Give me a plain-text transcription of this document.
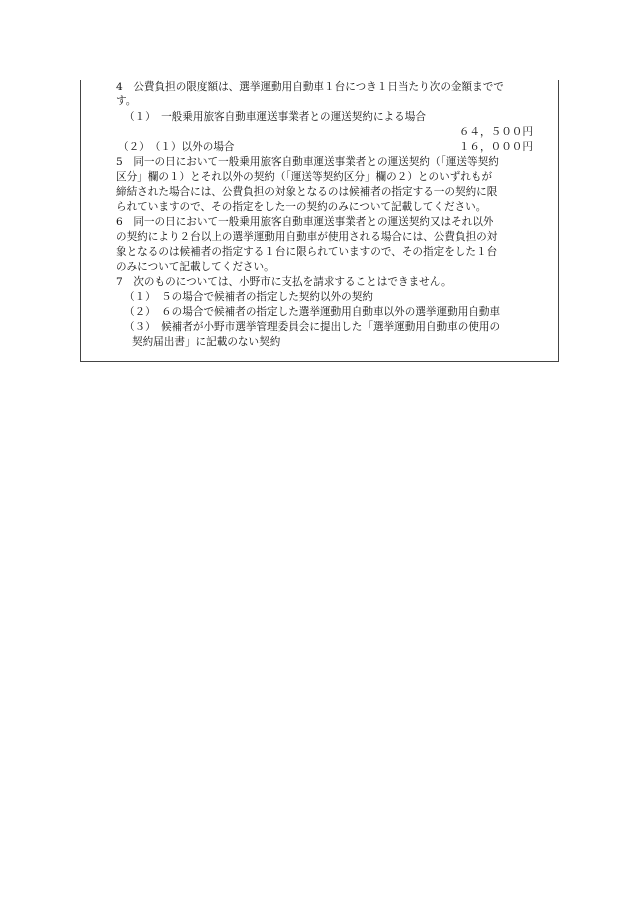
4　公費負担の限度額は、選挙運動用自動車１台につき１日当たり次の金額までで
す。
（１）　一般乗用旅客自動車運送事業者との運送契約による場合
６４，５００円
（２）　（１）以外の場合	１６，０００円
5　同一の日において一般乗用旅客自動車運送事業者との運送契約（「運送等契約
区分」欄の１）とそれ以外の契約（「運送等契約区分」欄の２）とのいずれもが
締結された場合には、公費負担の対象となるのは候補者の指定する一の契約に限
られていますので、その指定をした一の契約のみについて記載してください。
6　同一の日において一般乗用旅客自動車運送事業者との運送契約又はそれ以外
の契約により２台以上の選挙運動用自動車が使用される場合には、公費負担の対
象となるのは候補者の指定する１台に限られていますので、その指定をした１台
のみについて記載してください。
7　次のものについては、小野市に支払を請求することはできません。
（１）　５の場合で候補者の指定した契約以外の契約
（２）　６の場合で候補者の指定した選挙運動用自動車以外の選挙運動用自動車
（３）　候補者が小野市選挙管理委員会に提出した「選挙運動用自動車の使用の
契約届出書」に記載のない契約
